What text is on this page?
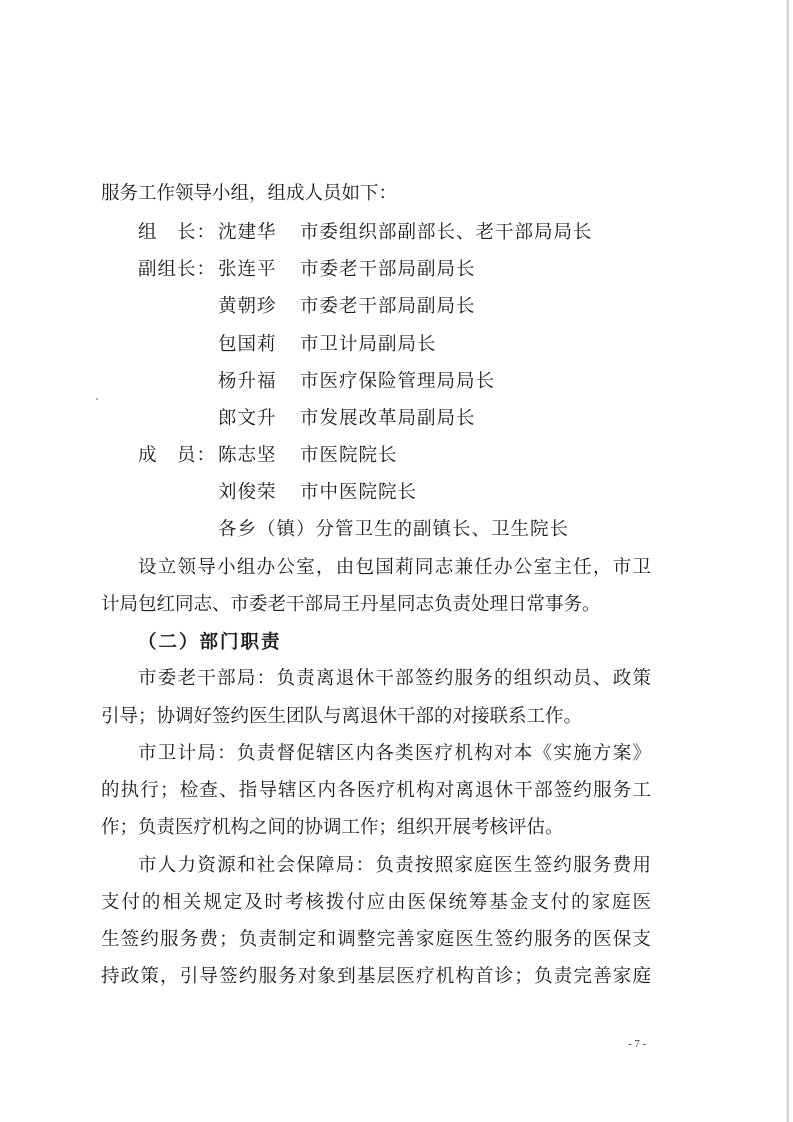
服务工作领导小组，组成人员如下：
组　长： 沈建华 市委组织部副部长、老干部局局长
副组长： 张连平 市委老干部局副局长
黄朝珍 市委老干部局副局长
包国莉 市卫计局副局长
杨升福 市医疗保险管理局局长
郎文升 市发展改革局副局长
成　员： 陈志坚 市医院院长
刘俊荣 市中医院院长
各乡（镇）分管卫生的副镇长、卫生院长
设立领导小组办公室，由包国莉同志兼任办公室主任，市卫
计局包红同志、市委老干部局王丹星同志负责处理日常事务。
（二）部门职责
市委老干部局：负责离退休干部签约服务的组织动员、政策
引导；协调好签约医生团队与离退休干部的对接联系工作。
市卫计局：负责督促辖区内各类医疗机构对本《实施方案》
的执行；检查、指导辖区内各医疗机构对离退休干部签约服务工
作；负责医疗机构之间的协调工作；组织开展考核评估。
市人力资源和社会保障局：负责按照家庭医生签约服务费用
支付的相关规定及时考核拨付应由医保统筹基金支付的家庭医
生签约服务费；负责制定和调整完善家庭医生签约服务的医保支
持政策，引导签约服务对象到基层医疗机构首诊；负责完善家庭
- 7 -
